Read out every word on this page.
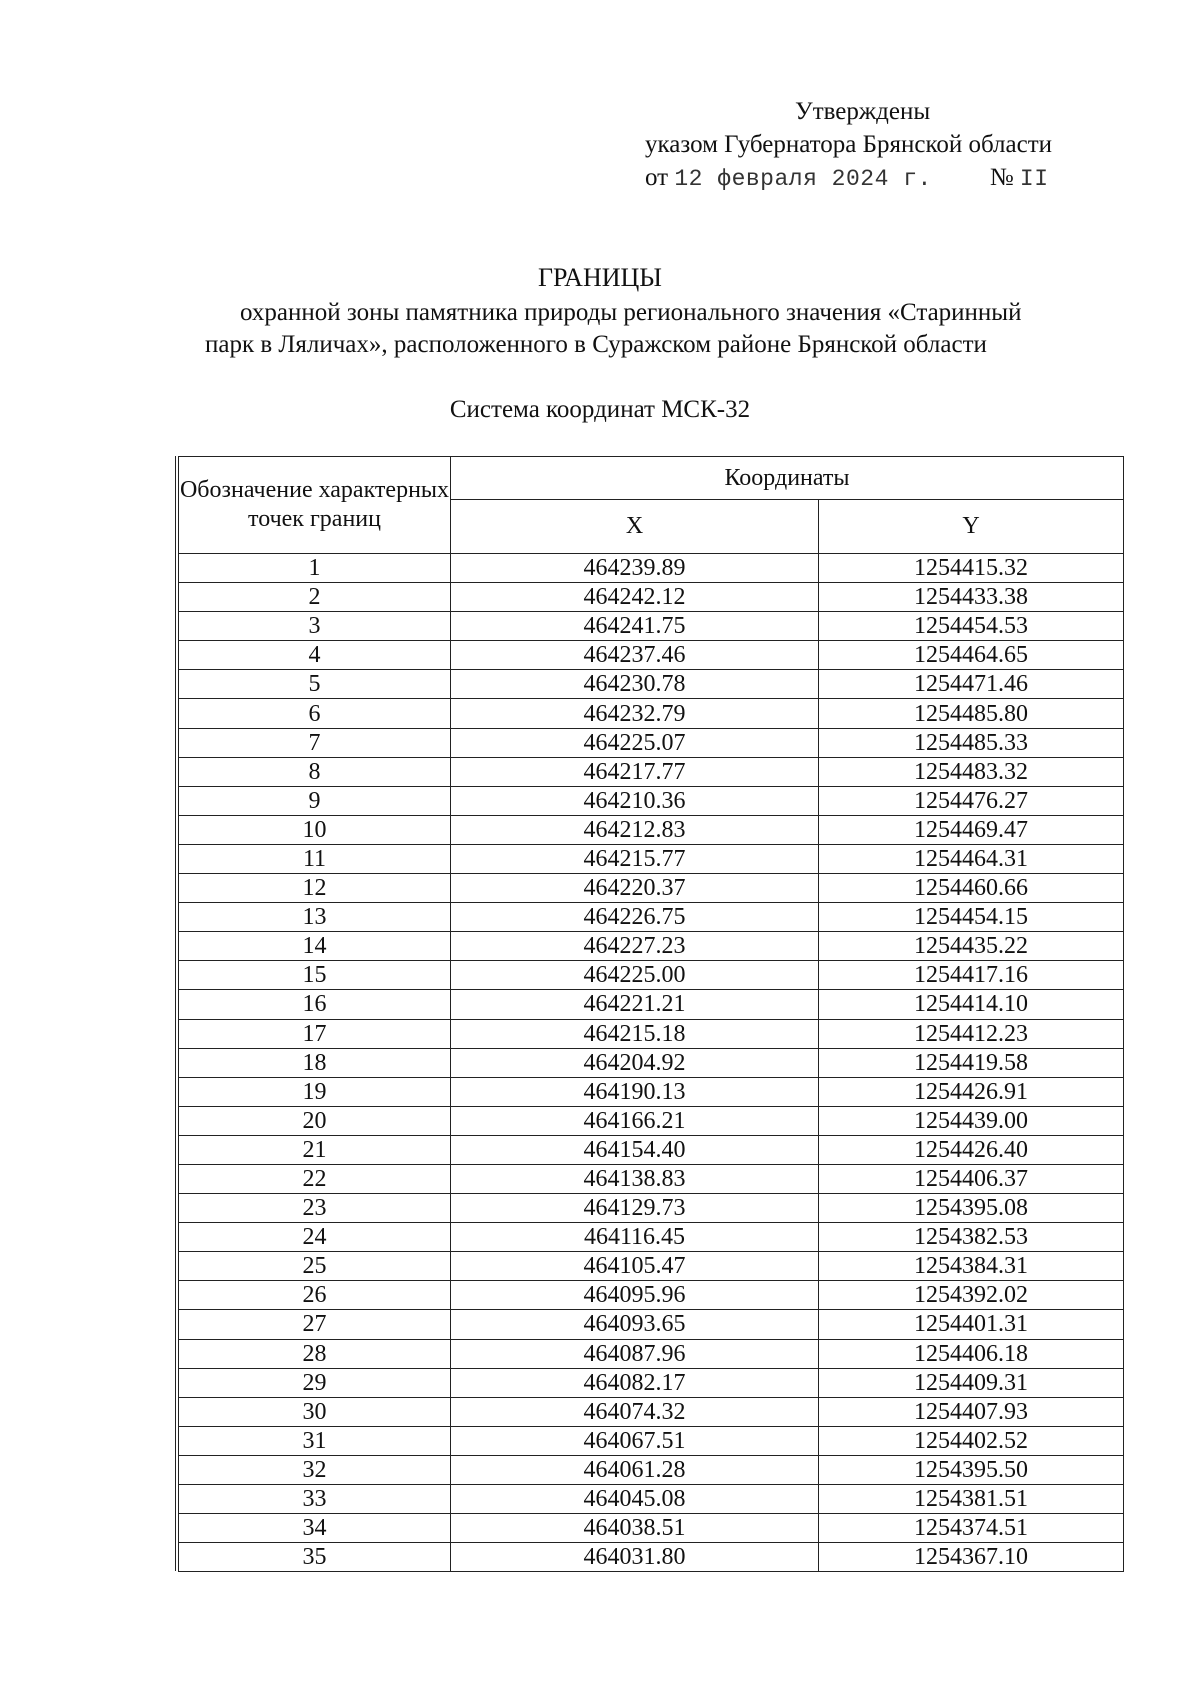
Утверждены
указом Губернатора Брянской области
от 12 февраля 2024 г. № II
ГРАНИЦЫ
охранной зоны памятника природы регионального значения «Старинный
парк в Ляличах», расположенного в Суражском районе Брянской области
Система координат МСК-32
Обозначение характерных точек границ	Координаты	
	X	Y
1	464239.89	1254415.32
2	464242.12	1254433.38
3	464241.75	1254454.53
4	464237.46	1254464.65
5	464230.78	1254471.46
6	464232.79	1254485.80
7	464225.07	1254485.33
8	464217.77	1254483.32
9	464210.36	1254476.27
10	464212.83	1254469.47
11	464215.77	1254464.31
12	464220.37	1254460.66
13	464226.75	1254454.15
14	464227.23	1254435.22
15	464225.00	1254417.16
16	464221.21	1254414.10
17	464215.18	1254412.23
18	464204.92	1254419.58
19	464190.13	1254426.91
20	464166.21	1254439.00
21	464154.40	1254426.40
22	464138.83	1254406.37
23	464129.73	1254395.08
24	464116.45	1254382.53
25	464105.47	1254384.31
26	464095.96	1254392.02
27	464093.65	1254401.31
28	464087.96	1254406.18
29	464082.17	1254409.31
30	464074.32	1254407.93
31	464067.51	1254402.52
32	464061.28	1254395.50
33	464045.08	1254381.51
34	464038.51	1254374.51
35	464031.80	1254367.10
